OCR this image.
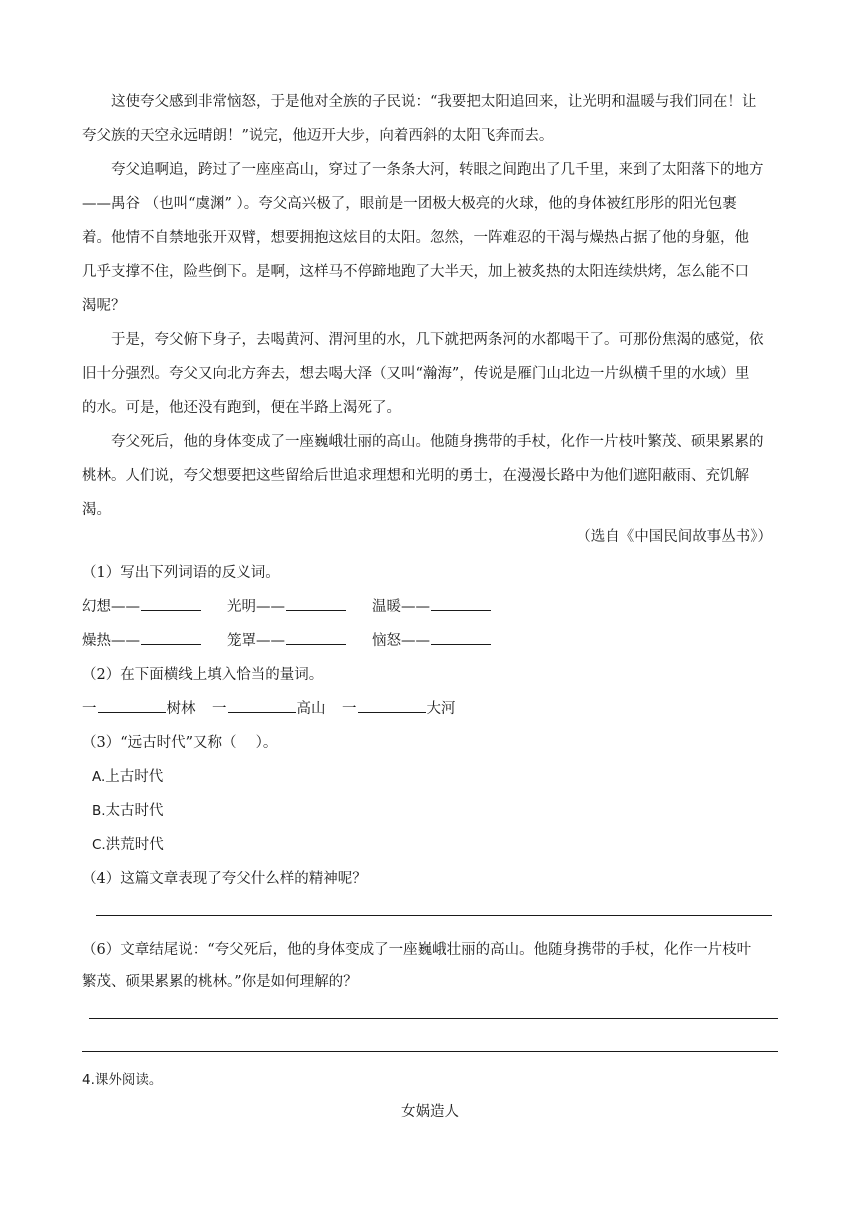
　　这使夸父感到非常恼怒，于是他对全族的子民说：“我要把太阳追回来，让光明和温暖与我们同在！让
夸父族的天空永远晴朗！”说完，他迈开大步，向着西斜的太阳飞奔而去。
　　夸父追啊追，跨过了一座座高山，穿过了一条条大河，转眼之间跑出了几千里，来到了太阳落下的地方
——禺谷 （也叫“虞渊” ）。夸父高兴极了，眼前是一团极大极亮的火球，他的身体被红彤彤的阳光包裹
着。他情不自禁地张开双臂，想要拥抱这炫目的太阳。忽然，一阵难忍的干渴与燥热占据了他的身躯，他
几乎支撑不住，险些倒下。是啊，这样马不停蹄地跑了大半天，加上被炙热的太阳连续烘烤，怎么能不口
渴呢？
　　于是，夸父俯下身子，去喝黄河、渭河里的水，几下就把两条河的水都喝干了。可那份焦渴的感觉，依
旧十分强烈。夸父又向北方奔去，想去喝大泽（又叫“瀚海”，传说是雁门山北边一片纵横千里的水域）里
的水。可是，他还没有跑到，便在半路上渴死了。
　　夸父死后，他的身体变成了一座巍峨壮丽的高山。他随身携带的手杖，化作一片枝叶繁茂、硕果累累的
桃林。人们说，夸父想要把这些留给后世追求理想和光明的勇士，在漫漫长路中为他们遮阳蔽雨、充饥解
渴。
（选自《中国民间故事丛书》）
（1）写出下列词语的反义词。
幻想——	光明——	温暖——
燥热——	笼罩——	恼怒——
（2）在下面横线上填入恰当的量词。
一	树林 一	高山 一	大河
（3）“远古时代”又称（　 ）。
A.上古时代
B.太古时代
C.洪荒时代
（4）这篇文章表现了夸父什么样的精神呢？
（6）文章结尾说：“夸父死后，他的身体变成了一座巍峨壮丽的高山。他随身携带的手杖，化作一片枝叶
繁茂、硕果累累的桃林。”你是如何理解的？
4.课外阅读。
女娲造人
